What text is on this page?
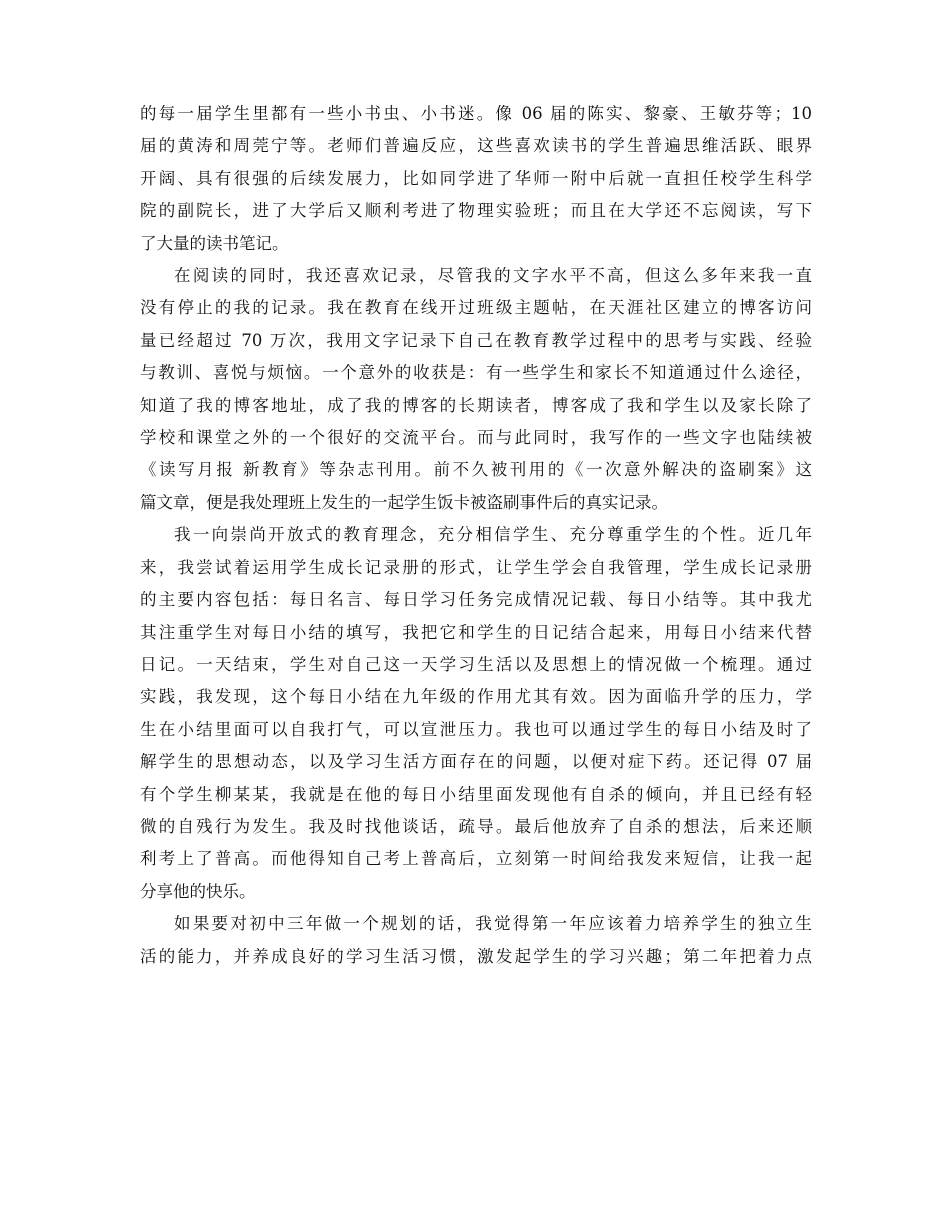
的每一届学生里都有一些小书虫、小书迷。像 06 届的陈实、黎豪、王敏芬等；10
届的黄涛和周莞宁等。老师们普遍反应，这些喜欢读书的学生普遍思维活跃、眼界
开阔、具有很强的后续发展力，比如同学进了华师一附中后就一直担任校学生科学
院的副院长，进了大学后又顺利考进了物理实验班；而且在大学还不忘阅读，写下
了大量的读书笔记。
在阅读的同时，我还喜欢记录，尽管我的文字水平不高，但这么多年来我一直
没有停止的我的记录。我在教育在线开过班级主题帖，在天涯社区建立的博客访问
量已经超过 70 万次，我用文字记录下自己在教育教学过程中的思考与实践、经验
与教训、喜悦与烦恼。一个意外的收获是：有一些学生和家长不知道通过什么途径，
知道了我的博客地址，成了我的博客的长期读者，博客成了我和学生以及家长除了
学校和课堂之外的一个很好的交流平台。而与此同时，我写作的一些文字也陆续被
《读写月报 新教育》等杂志刊用。前不久被刊用的《一次意外解决的盗刷案》这
篇文章，便是我处理班上发生的一起学生饭卡被盗刷事件后的真实记录。
我一向崇尚开放式的教育理念，充分相信学生、充分尊重学生的个性。近几年
来，我尝试着运用学生成长记录册的形式，让学生学会自我管理，学生成长记录册
的主要内容包括：每日名言、每日学习任务完成情况记载、每日小结等。其中我尤
其注重学生对每日小结的填写，我把它和学生的日记结合起来，用每日小结来代替
日记。一天结束，学生对自己这一天学习生活以及思想上的情况做一个梳理。通过
实践，我发现，这个每日小结在九年级的作用尤其有效。因为面临升学的压力，学
生在小结里面可以自我打气，可以宣泄压力。我也可以通过学生的每日小结及时了
解学生的思想动态，以及学习生活方面存在的问题，以便对症下药。还记得 07 届
有个学生柳某某，我就是在他的每日小结里面发现他有自杀的倾向，并且已经有轻
微的自残行为发生。我及时找他谈话，疏导。最后他放弃了自杀的想法，后来还顺
利考上了普高。而他得知自己考上普高后，立刻第一时间给我发来短信，让我一起
分享他的快乐。
如果要对初中三年做一个规划的话，我觉得第一年应该着力培养学生的独立生
活的能力，并养成良好的学习生活习惯，激发起学生的学习兴趣；第二年把着力点
